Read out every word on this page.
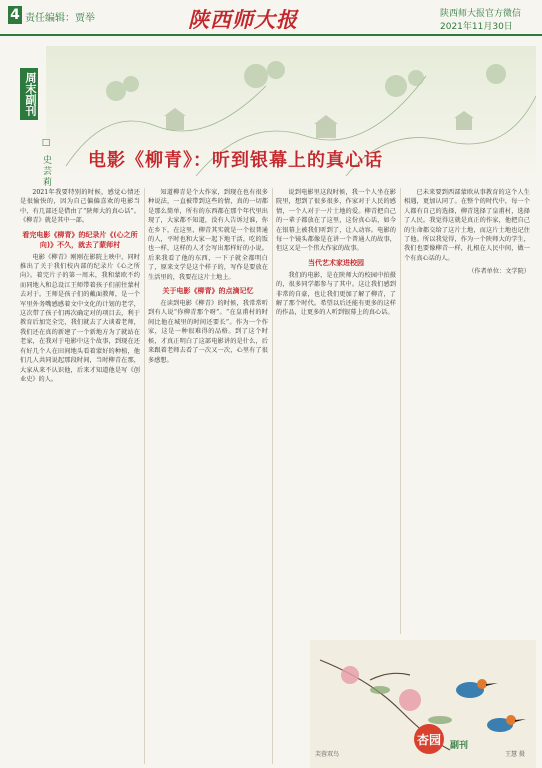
4 责任编辑：贾举	陕西师大报	陕西师大报官方微信
2021年11月30日
周末副刊
□ 史芸莉 电影《柳青》：听到银幕上的真心话

2021年我要特别的时候，感觉心情还是很愉快的，因为自己偏偏喜欢的电影当中，有几部还是借由了“陕师大的真心话”。《柳青》就是其中一部。

看完电影《柳青》的纪录片《(心之所向)》不久，就去了蒙师村

电影《柳青》刚刚在影院上映中，同时推出了关于我们校内部的纪录片《心之所向》。着完片子的第一周末，我和蒙欧不约而同地入和总设江王师带着孩子们前往蒙村去对于。王师是孩子们的戴面教师，是一个军里外务嘴感感着文中文化的计划的老学，这次带了孩子们再次确定对的项目去，利于教育后加完全完，我们就去了大谈着老师，我们还在真的新建了一个新地方为了就站在老家，在我对于电影中这个故事，到现在还有好几个人在田间地头看着蒙好的种植，他们几人共同说起那段时间，当时柳青在那，大家从来不认识他，后来才知道他是写《创业史》的人。

知道柳青是个大作家，到现在也有很多种说法，一直被带到这些的情，真的一切都是那么简单，所有的东西都在那个年代里出现了，大家都不知道，没有人告诉过谁，你在乡下，在这里，柳青其实就是一个很普通的人，平时也和大家一起下地干活，吃的饭也一样，这样的人才会写出那样好的小说。后来我看了他的东西，一下子就全都明白了，原来文学是这个样子的，写作是要放在生活里的，我要在这片土地上。

关于电影《柳青》的点滴记忆

在读到电影《柳青》的时候，我常常听到有人说“你柳青那个呀”。“在皇甫村的时间比他在城里的时间还要长”。作为一个作家，这是一种很难得的品格。到了这个时候，才真正明白了这部电影讲的是什么，后来跟着老师去看了一次又一次，心里有了很多感想。

说到电影里这段时候，我一个人坐在影院里，想到了很多很多，作家对于人民的感情，一个人对于一片土地的爱。柳青把自己的一辈子都放在了这里，这份真心话，如今在银幕上被我们听到了，让人动容。电影的每一个镜头都像是在讲一个普通人的故事，但这又是一个伟大作家的故事。

当代艺术家进校园

我们的电影，是在陕师大的校园中拍摄的，很多同学都参与了其中。这让我们感到非常的自豪，也让我们更加了解了柳青，了解了那个时代。希望以后还能有更多的这样的作品，让更多的人听到银幕上的真心话。

已未来要到西部蒙欧从事教育的这个人生相遇，更加认同了。在整个的时代中，每一个人都有自己的选择，柳青选择了皇甫村，选择了人民。我觉得这就是真正的作家，他把自己的生命都交给了这片土地，而这片土地也记住了他。所以我觉得，作为一个陕师大的学生，我们也要像柳青一样，扎根在人民中间，做一个有真心话的人。

（作者单位：文学院）

芙蓉双鸟	王慧 摄
杏园 副刊
